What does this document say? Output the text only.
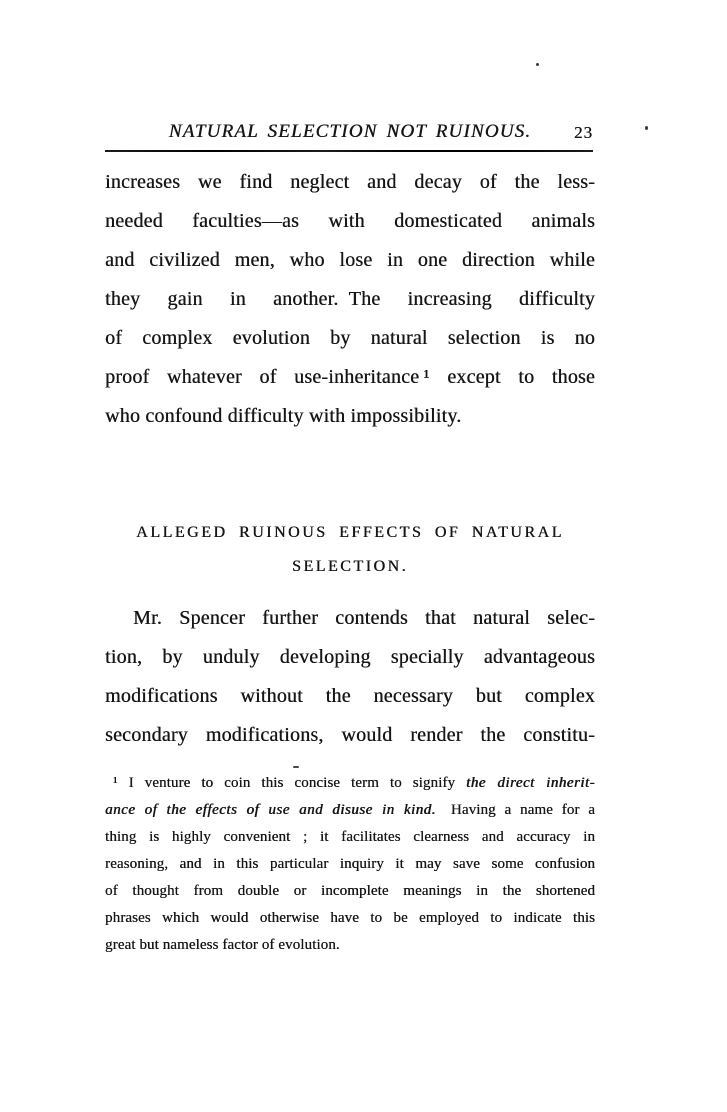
NATURAL SELECTION NOT RUINOUS.	23
increases we find neglect and decay of the less-
needed faculties—as with domesticated animals
and civilized men, who lose in one direction while
they gain in another. The increasing difficulty
of complex evolution by natural selection is no
proof whatever of use-inheritance ¹ except to those
who confound difficulty with impossibility.
ALLEGED RUINOUS EFFECTS OF NATURAL
SELECTION.
Mr. Spencer further contends that natural selec-
tion, by unduly developing specially advantageous
modifications without the necessary but complex
secondary modifications, would render the constitu-
¹ I venture to coin this concise term to signify the direct inherit-
ance of the effects of use and disuse in kind. Having a name for a
thing is highly convenient ; it facilitates clearness and accuracy in
reasoning, and in this particular inquiry it may save some confusion
of thought from double or incomplete meanings in the shortened
phrases which would otherwise have to be employed to indicate this
great but nameless factor of evolution.
